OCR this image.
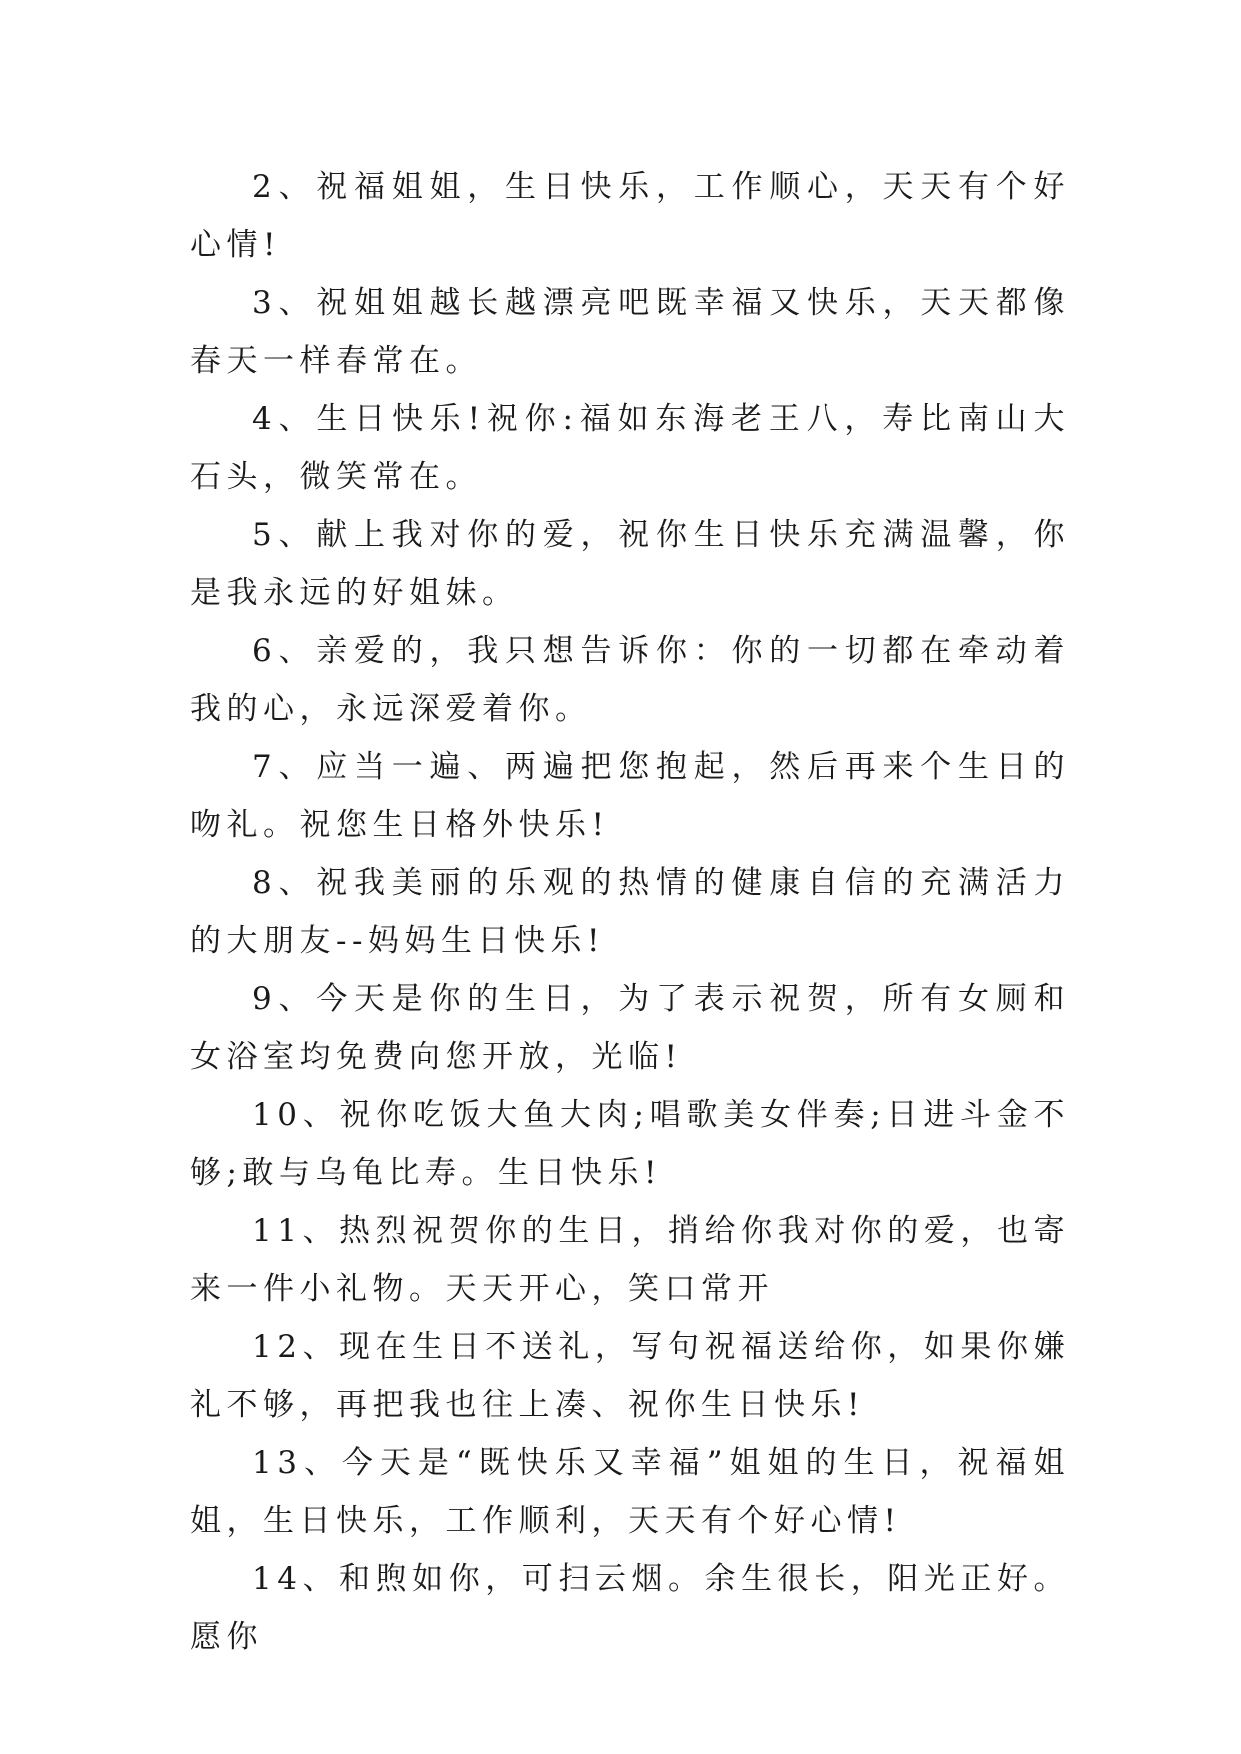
2、祝福姐姐，生日快乐，工作顺心，天天有个好心情!

3、祝姐姐越长越漂亮吧既幸福又快乐，天天都像春天一样春常在。

4、生日快乐!祝你:福如东海老王八，寿比南山大石头，微笑常在。

5、献上我对你的爱，祝你生日快乐充满温馨，你是我永远的好姐妹。

6、亲爱的，我只想告诉你：你的一切都在牵动着我的心，永远深爱着你。

7、应当一遍、两遍把您抱起，然后再来个生日的吻礼。祝您生日格外快乐!

8、祝我美丽的乐观的热情的健康自信的充满活力的大朋友--妈妈生日快乐!

9、今天是你的生日，为了表示祝贺，所有女厕和女浴室均免费向您开放，光临!

10、祝你吃饭大鱼大肉;唱歌美女伴奏;日进斗金不够;敢与乌龟比寿。生日快乐!

11、热烈祝贺你的生日，捎给你我对你的爱，也寄来一件小礼物。天天开心，笑口常开

12、现在生日不送礼，写句祝福送给你，如果你嫌礼不够，再把我也往上凑、祝你生日快乐!

13、今天是“既快乐又幸福”姐姐的生日，祝福姐姐，生日快乐，工作顺利，天天有个好心情!

14、和煦如你，可扫云烟。余生很长，阳光正好。愿你
